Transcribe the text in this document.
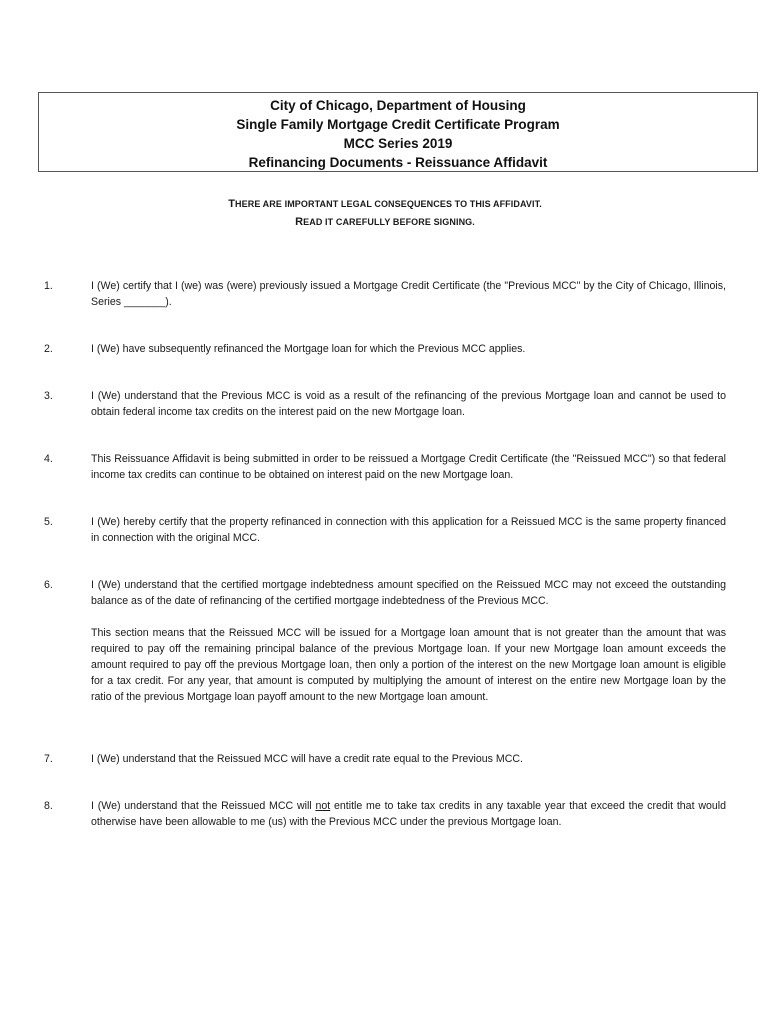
City of Chicago, Department of Housing
Single Family Mortgage Credit Certificate Program
MCC Series 2019
Refinancing Documents - Reissuance Affidavit
THERE ARE IMPORTANT LEGAL CONSEQUENCES TO THIS AFFIDAVIT.
READ IT CAREFULLY BEFORE SIGNING.
1.	I (We) certify that I (we) was (were) previously issued a Mortgage Credit Certificate (the "Previous MCC" by the City of Chicago, Illinois, Series _______).
2.	I (We) have subsequently refinanced the Mortgage loan for which the Previous MCC applies.
3.	I (We) understand that the Previous MCC is void as a result of the refinancing of the previous Mortgage loan and cannot be used to obtain federal income tax credits on the interest paid on the new Mortgage loan.
4.	This Reissuance Affidavit is being submitted in order to be reissued a Mortgage Credit Certificate (the "Reissued MCC") so that federal income tax credits can continue to be obtained on interest paid on the new Mortgage loan.
5.	I (We) hereby certify that the property refinanced in connection with this application for a Reissued MCC is the same property financed in connection with the original MCC.
6.	I (We) understand that the certified mortgage indebtedness amount specified on the Reissued MCC may not exceed the outstanding balance as of the date of refinancing of the certified mortgage indebtedness of the Previous MCC.
This section means that the Reissued MCC will be issued for a Mortgage loan amount that is not greater than the amount that was required to pay off the remaining principal balance of the previous Mortgage loan. If your new Mortgage loan amount exceeds the amount required to pay off the previous Mortgage loan, then only a portion of the interest on the new Mortgage loan amount is eligible for a tax credit. For any year, that amount is computed by multiplying the amount of interest on the entire new Mortgage loan by the ratio of the previous Mortgage loan payoff amount to the new Mortgage loan amount.
7.	I (We) understand that the Reissued MCC will have a credit rate equal to the Previous MCC.
8.	I (We) understand that the Reissued MCC will not entitle me to take tax credits in any taxable year that exceed the credit that would otherwise have been allowable to me (us) with the Previous MCC under the previous Mortgage loan.
